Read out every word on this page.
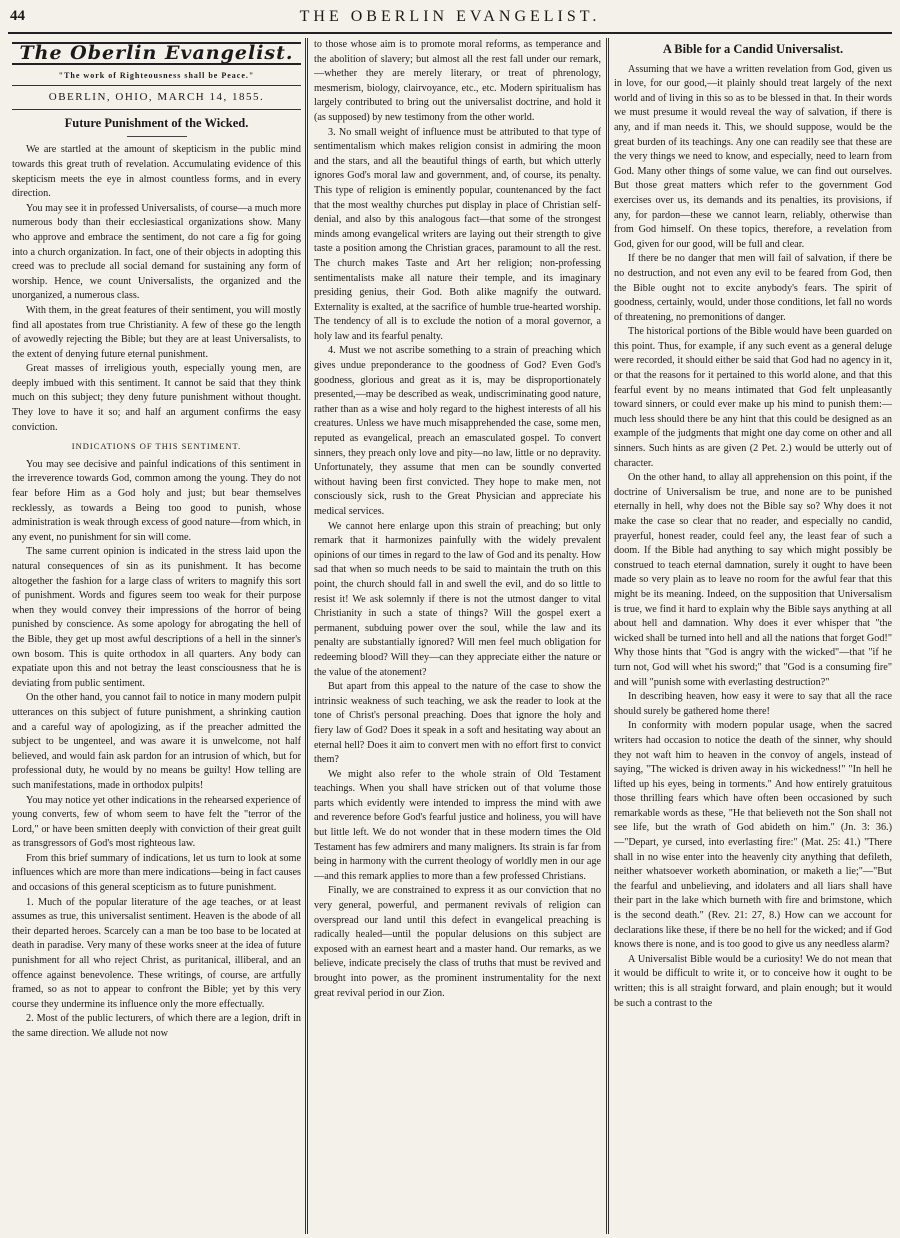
44	THE OBERLIN EVANGELIST.
The Oberlin Evangelist.
"The work of Righteousness shall be Peace."
OBERLIN, OHIO, MARCH 14, 1855.
Future Punishment of the Wicked.

We are startled at the amount of skepticism in the public mind towards this great truth of revelation. Accumulating evidence of this skepticism meets the eye in almost countless forms, and in every direction.

You may see it in professed Universalists, of course—a much more numerous body than their ecclesiastical organizations show. Many who approve and embrace the sentiment, do not care a fig for going into a church organization. In fact, one of their objects in adopting this creed was to preclude all social demand for sustaining any form of worship. Hence, we count Universalists, the organized and the unorganized, a numerous class.

With them, in the great features of their sentiment, you will mostly find all apostates from true Christianity. A few of these go the length of avowedly rejecting the Bible; but they are at least Universalists, to the extent of denying future eternal punishment.

Great masses of irreligious youth, especially young men, are deeply imbued with this sentiment. It cannot be said that they think much on this subject; they deny future punishment without thought. They love to have it so; and half an argument confirms the easy conviction.

INDICATIONS OF THIS SENTIMENT.

You may see decisive and painful indications of this sentiment in the irreverence towards God, common among the young. They do not fear before Him as a God holy and just; but bear themselves recklessly, as towards a Being too good to punish, whose administration is weak through excess of good nature—from which, in any event, no punishment for sin will come.

The same current opinion is indicated in the stress laid upon the natural consequences of sin as its punishment. It has become altogether the fashion for a large class of writers to magnify this sort of punishment. Words and figures seem too weak for their purpose when they would convey their impressions of the horror of being punished by conscience. As some apology for abrogating the hell of the Bible, they get up most awful descriptions of a hell in the sinner's own bosom. This is quite orthodox in all quarters. Any body can expatiate upon this and not betray the least consciousness that he is deviating from public sentiment.

On the other hand, you cannot fail to notice in many modern pulpit utterances on this subject of future punishment, a shrinking caution and a careful way of apologizing, as if the preacher admitted the subject to be ungenteel, and was aware it is unwelcome, not half believed, and would fain ask pardon for an intrusion of which, but for professional duty, he would by no means be guilty! How telling are such manifestations, made in orthodox pulpits!

You may notice yet other indications in the rehearsed experience of young converts, few of whom seem to have felt the "terror of the Lord," or have been smitten deeply with conviction of their great guilt as transgressors of God's most righteous law.

From this brief summary of indications, let us turn to look at some influences which are more than mere indications—being in fact causes and occasions of this general scepticism as to future punishment.

1. Much of the popular literature of the age teaches, or at least assumes as true, this universalist sentiment. Heaven is the abode of all their departed heroes. Scarcely can a man be too base to be located at death in paradise. Very many of these works sneer at the idea of future punishment for all who reject Christ, as puritanical, illiberal, and an offence against benevolence. These writings, of course, are artfully framed, so as not to appear to confront the Bible; yet by this very course they undermine its influence only the more effectually.

2. Most of the public lecturers, of which there are a legion, drift in the same direction. We allude not now

to those whose aim is to promote moral reforms, as temperance and the abolition of slavery; but almost all the rest fall under our remark,—whether they are merely literary, or treat of phrenology, mesmerism, biology, clairvoyance, etc., etc. Modern spiritualism has largely contributed to bring out the universalist doctrine, and hold it (as supposed) by new testimony from the other world.

3. No small weight of influence must be attributed to that type of sentimentalism which makes religion consist in admiring the moon and the stars, and all the beautiful things of earth, but which utterly ignores God's moral law and government, and, of course, its penalty. This type of religion is eminently popular, countenanced by the fact that the most wealthy churches put display in place of Christian self-denial, and also by this analogous fact—that some of the strongest minds among evangelical writers are laying out their strength to give taste a position among the Christian graces, paramount to all the rest. The church makes Taste and Art her religion; non-professing sentimentalists make all nature their temple, and its imaginary presiding genius, their God. Both alike magnify the outward. Externality is exalted, at the sacrifice of humble true-hearted worship. The tendency of all is to exclude the notion of a moral governor, a holy law and its fearful penalty.

4. Must we not ascribe something to a strain of preaching which gives undue preponderance to the goodness of God? Even God's goodness, glorious and great as it is, may be disproportionately presented,—may be described as weak, undiscriminating good nature, rather than as a wise and holy regard to the highest interests of all his creatures. Unless we have much misapprehended the case, some men, reputed as evangelical, preach an emasculated gospel. To convert sinners, they preach only love and pity—no law, little or no depravity. Unfortunately, they assume that men can be soundly converted without having been first convicted. They hope to make men, not consciously sick, rush to the Great Physician and appreciate his medical services.

We cannot here enlarge upon this strain of preaching; but only remark that it harmonizes painfully with the widely prevalent opinions of our times in regard to the law of God and its penalty. How sad that when so much needs to be said to maintain the truth on this point, the church should fall in and swell the evil, and do so little to resist it! We ask solemnly if there is not the utmost danger to vital Christianity in such a state of things? Will the gospel exert a permanent, subduing power over the soul, while the law and its penalty are substantially ignored? Will men feel much obligation for redeeming blood? Will they—can they appreciate either the nature or the value of the atonement?

But apart from this appeal to the nature of the case to show the intrinsic weakness of such teaching, we ask the reader to look at the tone of Christ's personal preaching. Does that ignore the holy and fiery law of God? Does it speak in a soft and hesitating way about an eternal hell? Does it aim to convert men with no effort first to convict them?

We might also refer to the whole strain of Old Testament teachings. When you shall have stricken out of that volume those parts which evidently were intended to impress the mind with awe and reverence before God's fearful justice and holiness, you will have but little left. We do not wonder that in these modern times the Old Testament has few admirers and many maligners. Its strain is far from being in harmony with the current theology of worldly men in our age—and this remark applies to more than a few professed Christians.

Finally, we are constrained to express it as our conviction that no very general, powerful, and permanent revivals of religion can overspread our land until this defect in evangelical preaching is radically healed—until the popular delusions on this subject are exposed with an earnest heart and a master hand. Our remarks, as we believe, indicate precisely the class of truths that must be revived and brought into power, as the prominent instrumentality for the next great revival period in our Zion.

A Bible for a Candid Universalist.

Assuming that we have a written revelation from God, given us in love, for our good,—it plainly should treat largely of the next world and of living in this so as to be blessed in that. In their words we must presume it would reveal the way of salvation, if there is any, and if man needs it. This, we should suppose, would be the great burden of its teachings. Any one can readily see that these are the very things we need to know, and especially, need to learn from God. Many other things of some value, we can find out ourselves. But those great matters which refer to the government God exercises over us, its demands and its penalties, its provisions, if any, for pardon—these we cannot learn, reliably, otherwise than from God himself. On these topics, therefore, a revelation from God, given for our good, will be full and clear.

If there be no danger that men will fail of salvation, if there be no destruction, and not even any evil to be feared from God, then the Bible ought not to excite anybody's fears. The spirit of goodness, certainly, would, under those conditions, let fall no words of threatening, no premonitions of danger.

The historical portions of the Bible would have been guarded on this point. Thus, for example, if any such event as a general deluge were recorded, it should either be said that God had no agency in it, or that the reasons for it pertained to this world alone, and that this fearful event by no means intimated that God felt unpleasantly toward sinners, or could ever make up his mind to punish them:—much less should there be any hint that this could be designed as an example of the judgments that might one day come on other and all sinners. Such hints as are given (2 Pet. 2.) would be utterly out of character.

On the other hand, to allay all apprehension on this point, if the doctrine of Universalism be true, and none are to be punished eternally in hell, why does not the Bible say so? Why does it not make the case so clear that no reader, and especially no candid, prayerful, honest reader, could feel any, the least fear of such a doom. If the Bible had anything to say which might possibly be construed to teach eternal damnation, surely it ought to have been made so very plain as to leave no room for the awful fear that this might be its meaning. Indeed, on the supposition that Universalism is true, we find it hard to explain why the Bible says anything at all about hell and damnation. Why does it ever whisper that "the wicked shall be turned into hell and all the nations that forget God!" Why those hints that "God is angry with the wicked"—that "if he turn not, God will whet his sword;" that "God is a consuming fire" and will "punish some with everlasting destruction?"

In describing heaven, how easy it were to say that all the race should surely be gathered home there!

In conformity with modern popular usage, when the sacred writers had occasion to notice the death of the sinner, why should they not waft him to heaven in the convoy of angels, instead of saying, "The wicked is driven away in his wickedness!" "In hell he lifted up his eyes, being in torments." And how entirely gratuitous those thrilling fears which have often been occasioned by such remarkable words as these, "He that believeth not the Son shall not see life, but the wrath of God abideth on him." (Jn. 3: 36.)—"Depart, ye cursed, into everlasting fire:" (Mat. 25: 41.) "There shall in no wise enter into the heavenly city anything that defileth, neither whatsoever worketh abomination, or maketh a lie;"—"But the fearful and unbelieving, and idolaters and all liars shall have their part in the lake which burneth with fire and brimstone, which is the second death." (Rev. 21: 27, 8.) How can we account for declarations like these, if there be no hell for the wicked; and if God knows there is none, and is too good to give us any needless alarm?

A Universalist Bible would be a curiosity! We do not mean that it would be difficult to write it, or to conceive how it ought to be written; this is all straight forward, and plain enough; but it would be such a contrast to the
